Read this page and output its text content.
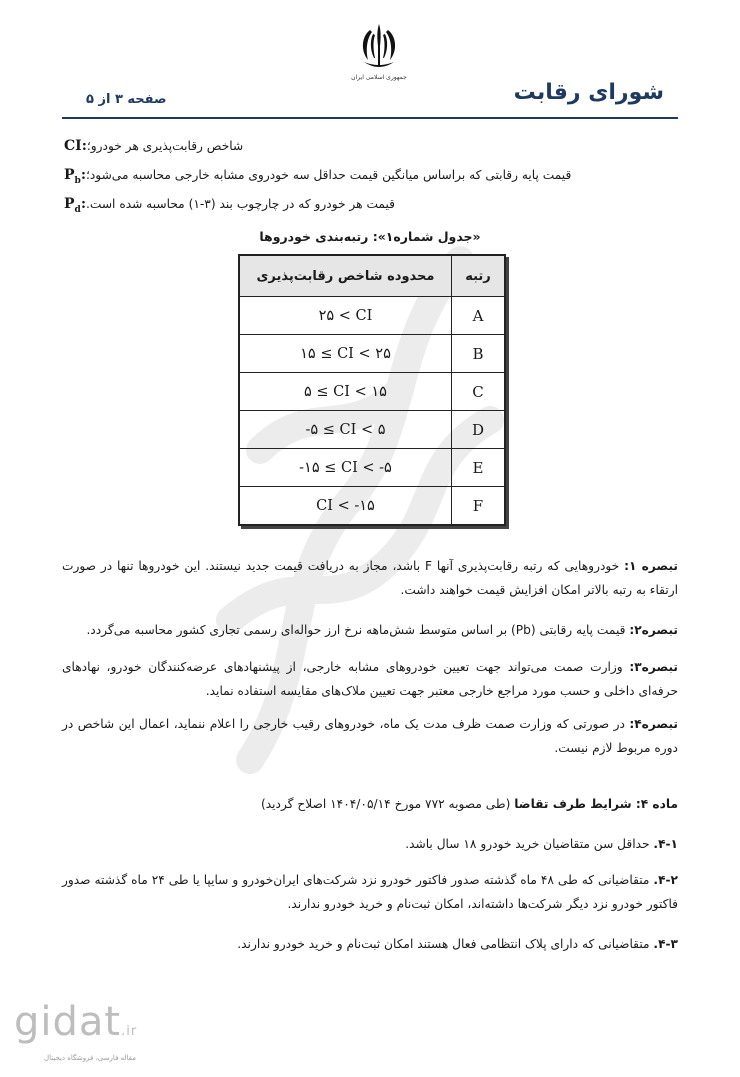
جمهوری اسلامی ایران
شورای رقابت
صفحه ۳ از ۵
CI: شاخص رقابت‌پذیری هر خودرو؛
$P_b$: قیمت پایه رقابتی که براساس میانگین قیمت حداقل سه خودروی مشابه خارجی محاسبه می‌شود؛
$P_d$: قیمت هر خودرو که در چارچوب بند (۳-۱) محاسبه شده است.
«جدول شماره۱»: رتبه‌بندی خودروها
محدوده شاخص رقابت‌پذیری	رتبه
۲۵ < CI	A
۱۵ ≤ CI < ۲۵	B
۵ ≤ CI < ۱۵	C
-۵ ≤ CI < ۵	D
-۱۵ ≤ CI < -۵	E
CI < -۱۵	F
تبصره ۱: خودروهایی که رتبه رقابت‌پذیری آنها F باشد، مجاز به دریافت قیمت جدید نیستند. این خودروها تنها در صورت ارتقاء به رتبه بالاتر امکان افزایش قیمت خواهند داشت.
تبصره۲: قیمت پایه رقابتی (Pb) بر اساس متوسط شش‌ماهه نرخ ارز حواله‌ای رسمی تجاری کشور محاسبه می‌گردد.
تبصره۳: وزارت صمت می‌تواند جهت تعیین خودروهای مشابه خارجی، از پیشنهادهای عرضه‌کنندگان خودرو، نهادهای حرفه‌ای داخلی و حسب مورد مراجع خارجی معتبر جهت تعیین ملاک‌های مقایسه استفاده نماید.
تبصره۴: در صورتی که وزارت صمت ظرف مدت یک ماه، خودروهای رقیب خارجی را اعلام ننماید، اعمال این شاخص در دوره مربوط لازم نیست.
ماده ۴: شرایط طرف تقاضا (طی مصوبه ۷۷۲ مورخ ۱۴۰۴/۰۵/۱۴ اصلاح گردید)
۴-۱. حداقل سن متقاضیان خرید خودرو ۱۸ سال باشد.
۴-۲. متقاضیانی که طی ۴۸ ماه گذشته صدور فاکتور خودرو نزد شرکت‌های ایران‌خودرو و سایپا یا طی ۲۴ ماه گذشته صدور فاکتور خودرو نزد دیگر شرکت‌ها داشته‌اند، امکان ثبت‌نام و خرید خودرو ندارند.
۴-۳. متقاضیانی که دارای پلاک انتظامی فعال هستند امکان ثبت‌نام و خرید خودرو ندارند.
gidat.ir
مقاله فارسی، فروشگاه دیجیتال
